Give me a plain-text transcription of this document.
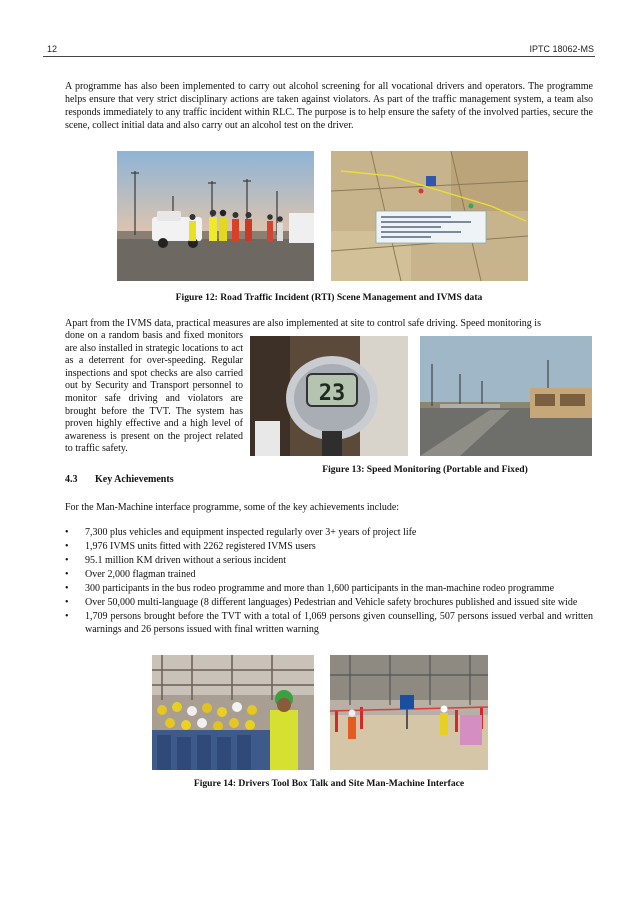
12	IPTC 18062-MS
A programme has also been implemented to carry out alcohol screening for all vocational drivers and operators. The programme helps ensure that very strict disciplinary actions are taken against violators. As part of the traffic management system, a team also responds immediately to any traffic incident within RLC. The purpose is to help ensure the safety of the involved parties, secure the scene, collect initial data and also carry out an alcohol test on the driver.
Figure 12: Road Traffic Incident (RTI) Scene Management and IVMS data
Apart from the IVMS data, practical measures are also implemented at site to control safe driving. Speed monitoring is
done on a random basis and fixed monitors are also installed in strategic locations to act as a deterrent for over-speeding. Regular inspections and spot checks are also carried out by Security and Transport personnel to monitor safe driving and violators are brought before the TVT. The system has proven highly effective and a high level of awareness is present on the project related to traffic safety.
23
Figure 13: Speed Monitoring (Portable and Fixed)
4.3 Key Achievements
For the Man-Machine interface programme, some of the key achievements include:
• 7,300 plus vehicles and equipment inspected regularly over 3+ years of project life
• 1,976 IVMS units fitted with 2262 registered IVMS users
• 95.1 million KM driven without a serious incident
• Over 2,000 flagman trained
• 300 participants in the bus rodeo programme and more than 1,600 participants in the man-machine rodeo programme
• Over 50,000 multi-language (8 different languages) Pedestrian and Vehicle safety brochures published and issued site wide
• 1,709 persons brought before the TVT with a total of 1,069 persons given counselling, 507 persons issued verbal and written warnings and 26 persons issued with final written warning
Figure 14: Drivers Tool Box Talk and Site Man-Machine Interface
